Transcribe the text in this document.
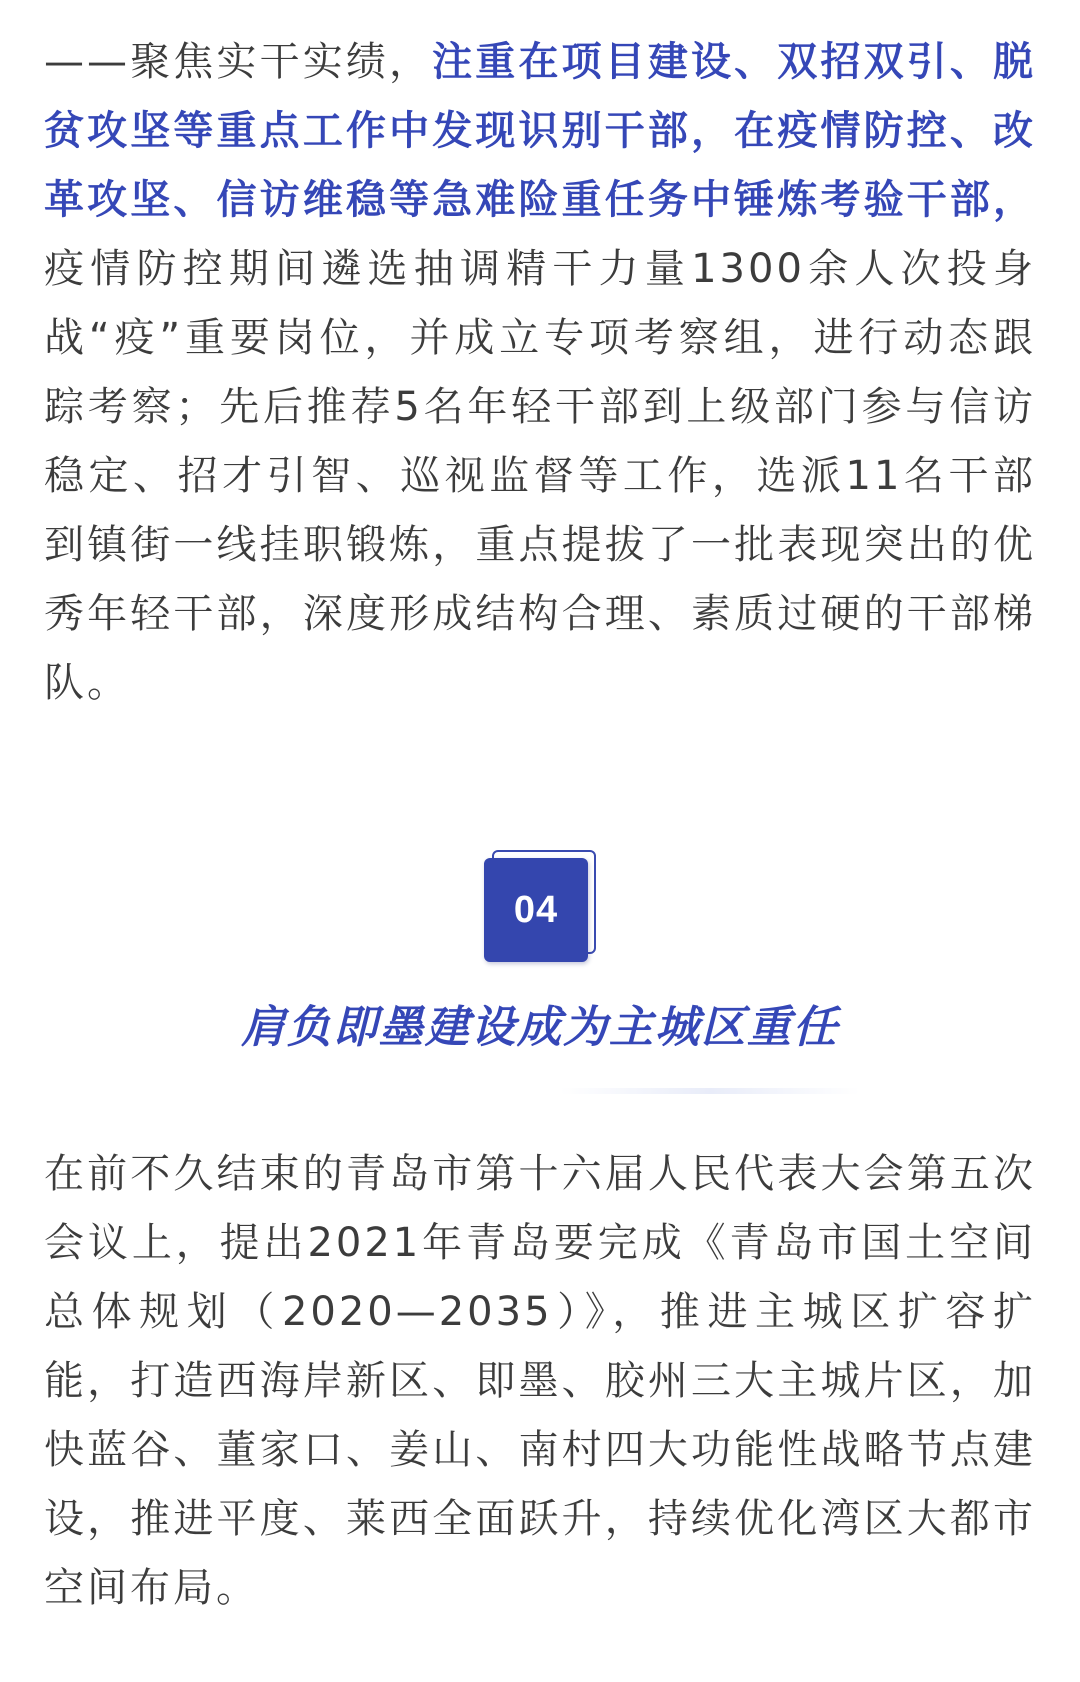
——聚焦实干实绩，注重在项目建设、双招双引、脱贫攻坚等重点工作中发现识别干部，在疫情防控、改革攻坚、信访维稳等急难险重任务中锤炼考验干部，疫情防控期间遴选抽调精干力量1300余人次投身战“疫”重要岗位，并成立专项考察组，进行动态跟踪考察；先后推荐5名年轻干部到上级部门参与信访稳定、招才引智、巡视监督等工作，选派11名干部到镇街一线挂职锻炼，重点提拔了一批表现突出的优秀年轻干部，深度形成结构合理、素质过硬的干部梯队。

04
肩负即墨建设成为主城区重任

在前不久结束的青岛市第十六届人民代表大会第五次会议上，提出2021年青岛要完成《青岛市国土空间总体规划（2020—2035）》，推进主城区扩容扩能，打造西海岸新区、即墨、胶州三大主城片区，加快蓝谷、董家口、姜山、南村四大功能性战略节点建设，推进平度、莱西全面跃升，持续优化湾区大都市空间布局。
